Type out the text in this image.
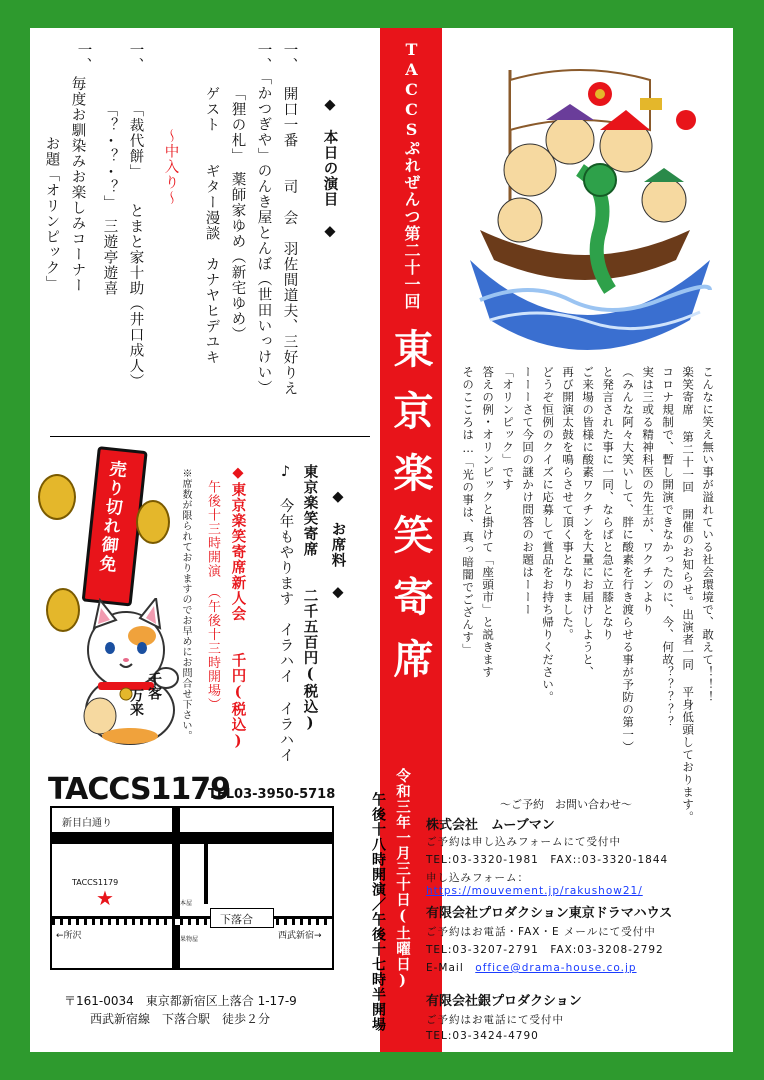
◆　本日の演目　◆
一、
開口一番　　司　会　羽佐間道夫、三好りえ
一、
「かつぎや」のんき屋とんぼ（世田いっけい）
「狸の札」　薬師家ゆめ（新宅ゆめ）
ゲスト　　ギター漫談　カナヤヒデユキ
〜中入り〜
一、
「裁代餅」　　とまと家十助（井口成人）
「？・？・？」　三遊亭遊喜
一、
毎度お馴染みお楽しみコーナー
お題「オリンピック」
◆　お席料　◆
東京楽笑寄席　　二千五百円(税込)
♪ 今年もやります　イラハイ イラハイ
◆東京楽笑寄席新人会　　千円(税込)
午後十三時開演　（午後十三時開場）
※席数が限られておりますのでお早めにお問合せ下さい。
売り切れ御免
千客
万来
TACCS1179
TEL03-3950-5718
新目白通り
TACCS1179
★
←所沢
下落合
西武新宿→
本屋
果物屋
〒161-0034　東京都新宿区上落合 1-17-9
西武新宿線　下落合駅　徒歩２分
TACCSぷれぜんつ第二十一回
東京楽笑寄席
令和三年一月三十日(土曜日)
午後十八時開演／午後十七時半開場
こんなに笑え無い事が溢れている社会環境で、敢えて！！！
楽笑寄席 第二十一回 開催のお知らせ。出演者一同 平身低頭しております。
コロナ規制で、暫し開演できなかったのに、今、何故？？？？？
実は三或る精神科医の先生が、ワクチンより
（みんな阿々大笑いして、胖に酸素を行き渡らせる事が予防の第一）
と発言された事に一同、ならばと急に立膝となり
ご来場の皆様に酸素ワクチンを大量にお届けしようと、
再び開演太鼓を鳴らさせて頂く事となりました。
どうぞ恒例のクイズに応募して賞品をお持ち帰りください。
ーーーさて今回の謎かけ問答のお題はーーー
「オリンピック」です
答えの例・オリンピックと掛けて「座頭市」と説きます
そのこころは…「光の事は、真っ暗闇でござんす」
〜ご予約　お問い合わせ〜
株式会社　ムーブマン
ご予約は申し込みフォームにて受付中
TEL:03-3320-1981　FAX::03-3320-1844
申し込みフォーム：https://mouvement.jp/rakushow21/
有限会社プロダクション東京ドラマハウス
ご予約はお電話・FAX・E メールにて受付中
TEL:03-3207-2791　FAX:03-3208-2792
E-Mail　office@drama-house.co.jp
有限会社銀プロダクション
ご予約はお電話にて受付中
TEL:03-3424-4790
